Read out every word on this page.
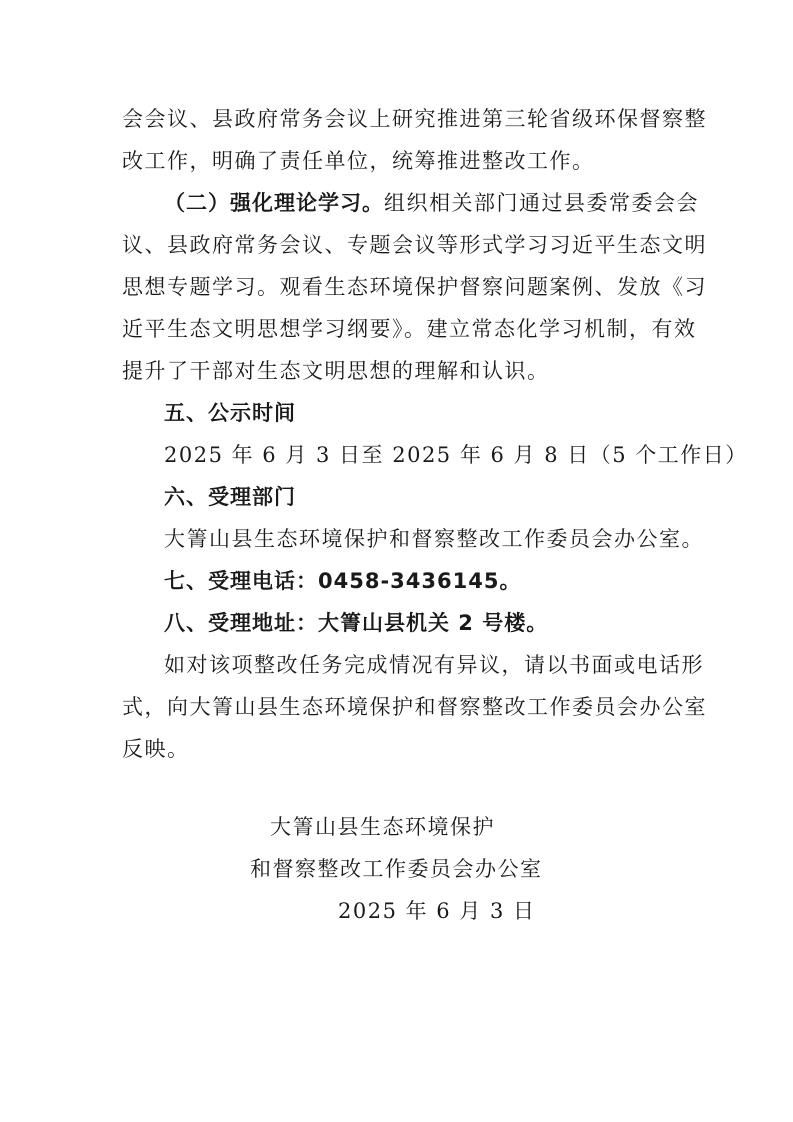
会会议、县政府常务会议上研究推进第三轮省级环保督察整
改工作，明确了责任单位，统筹推进整改工作。
（二）强化理论学习。组织相关部门通过县委常委会会
议、县政府常务会议、专题会议等形式学习习近平生态文明
思想专题学习。观看生态环境保护督察问题案例、发放《习
近平生态文明思想学习纲要》。建立常态化学习机制，有效
提升了干部对生态文明思想的理解和认识。
五、公示时间
2025 年 6 月 3 日至 2025 年 6 月 8 日（5 个工作日）
六、受理部门
大箐山县生态环境保护和督察整改工作委员会办公室。
七、受理电话：0458-3436145。
八、受理地址：大箐山县机关 2 号楼。
如对该项整改任务完成情况有异议，请以书面或电话形
式，向大箐山县生态环境保护和督察整改工作委员会办公室
反映。
大箐山县生态环境保护
和督察整改工作委员会办公室
2025 年 6 月 3 日
